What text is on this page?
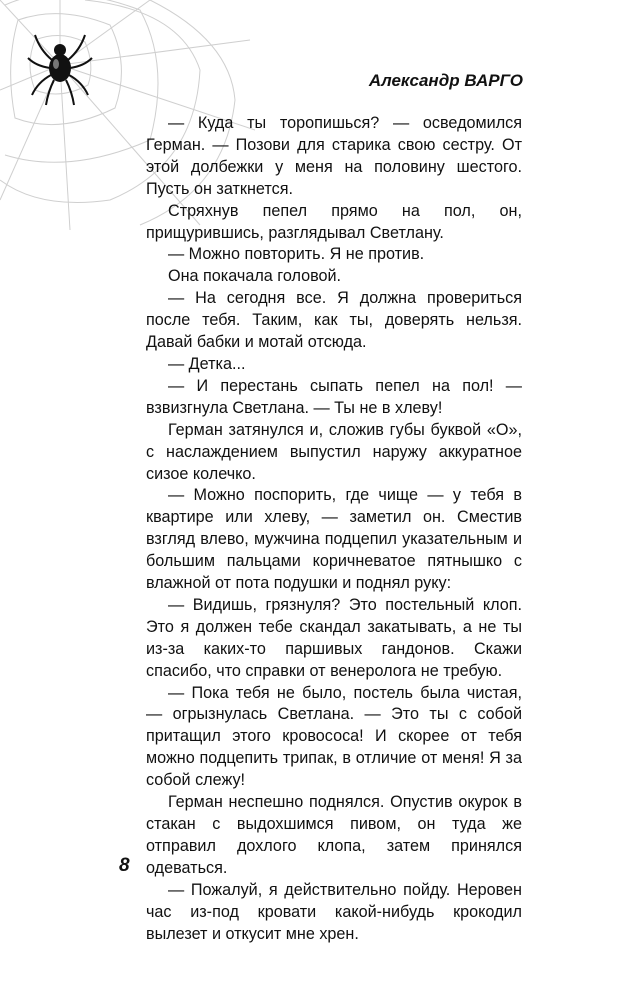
Александр ВАРГО

— Куда ты торопишься? — осведомился Герман. — Позови для старика свою сестру. От этой долбежки у меня на половину шестого. Пусть он заткнется.

Стряхнув пепел прямо на пол, он, прищурившись, разглядывал Светлану.

— Можно повторить. Я не против.

Она покачала головой.

— На сегодня все. Я должна провериться после тебя. Таким, как ты, доверять нельзя. Давай бабки и мотай отсюда.

— Детка...

— И перестань сыпать пепел на пол! — взвизгнула Светлана. — Ты не в хлеву!

Герман затянулся и, сложив губы буквой «О», с наслаждением выпустил наружу аккуратное сизое колечко.

— Можно поспорить, где чище — у тебя в квартире или хлеву, — заметил он. Сместив взгляд влево, мужчина подцепил указательным и большим пальцами коричневатое пятнышко с влажной от пота подушки и поднял руку:

— Видишь, грязнуля? Это постельный клоп. Это я должен тебе скандал закатывать, а не ты из-за каких-то паршивых гандонов. Скажи спасибо, что справки от венеролога не требую.

— Пока тебя не было, постель была чистая, — огрызнулась Светлана. — Это ты с собой притащил этого кровососа! И скорее от тебя можно подцепить трипак, в отличие от меня! Я за собой слежу!

Герман неспешно поднялся. Опустив окурок в стакан с выдохшимся пивом, он туда же отправил дохлого клопа, затем принялся одеваться.

— Пожалуй, я действительно пойду. Неровен час из-под кровати какой-нибудь крокодил вылезет и откусит мне хрен.

8
